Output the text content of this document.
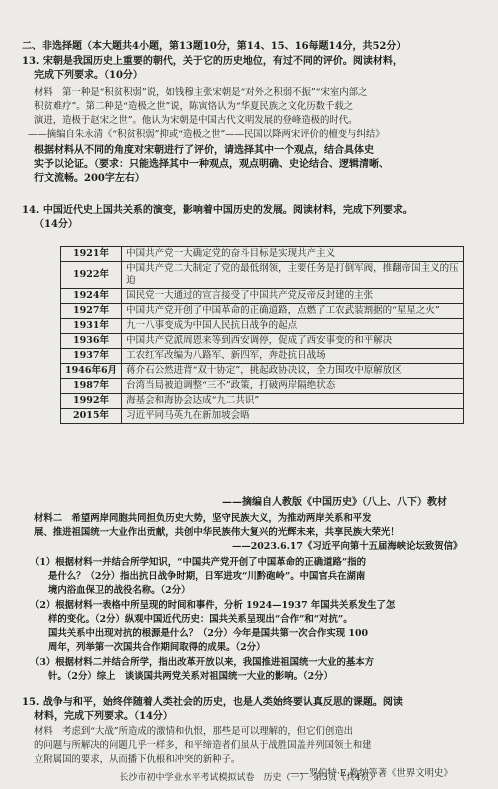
二、非选择题（本大题共4小题，第13题10分，第14、15、16每题14分，共52分）
13. 宋朝是我国历史上重要的朝代，关于它的历史地位，有过不同的评价。阅读材料，
完成下列要求。（10分）
材料　第一种是“积贫积弱”说，如钱穆主张宋朝是“对外之积弱不振”“宋室内部之
积贫难疗”。第二种是“造极之世”说，陈寅恪认为“华夏民族之文化历数千载之
演进，造极于赵宋之世”。他认为宋朝是中国古代文明发展的登峰造极的时代。
——摘编自朱永清《“积贫积弱”抑或“造极之世”——民国以降两宋评价的檀变与纠结》
根据材料从不同的角度对宋朝进行了评价，请选择其中一个观点，结合具体史
实予以论证。（要求：只能选择其中一种观点，观点明确、史论结合、逻辑清晰、
行文流畅。200字左右）
14. 中国近代史上国共关系的演变，影响着中国历史的发展。阅读材料，完成下列要求。
（14分）
1921年	中国共产党一大确定党的奋斗目标是实现共产主义
1922年	中国共产党二大制定了党的最低纲领，主要任务是打倒军阀，推翻帝国主义的压迫
1924年	国民党一大通过的宣言接受了中国共产党反帝反封建的主张
1927年	中国共产党开创了中国革命的正确道路，点燃了工农武装割据的“星星之火”
1931年	九一八事变成为中国人民抗日战争的起点
1936年	中国共产党派周恩来等到西安调停，促成了西安事变的和平解决
1937年	工农红军改编为八路军、新四军，奔赴抗日战场
1946年6月	蒋介石公然进背“双十协定”，挑起政协决议，全力围攻中原解放区
1987年	台湾当局被迫调整“三不”政策，打破两岸隔绝状态
1992年	海基会和海协会达成“九二共识”
2015年	习近平同马英九在新加坡会晤
——摘编自人教版《中国历史》（八上、八下）教材
材料二　希望两岸同胞共同担负历史大势，坚守民族大义，为推动两岸关系和平发
展、推进祖国统一大业作出贡献，共创中华民族伟大复兴的光辉未来，共享民族大荣光！
——2023.6.17《习近平向第十五届海峡论坛致贺信》
（1）根据材料一并结合所学知识，“中国共产党开创了中国革命的正确道路”指的
是什么？（2分）指出抗日战争时期，日军进攻“川黔砲岭”。中国官兵在湖南
境内浴血保卫的战役名称。（2分）
（2）根据材料一表格中所呈现的时间和事件，分析 1924—1937 年国共关系发生了怎
样的变化。（2分）纵观中国近代历史：国共关系呈现出“合作”和“对抗”。
国共关系中出现对抗的根源是什么？（2分）今年是国共第一次合作实现 100
周年，列举第一次国共合作期间取得的成果。（2分）
（3）根据材料二并结合所学，指出改革开放以来，我国推进祖国统一大业的基本方
针。（2分）综上　谈谈国共两党关系对祖国统一大业的影响。（2分）
15. 战争与和平，始终伴随着人类社会的历史，也是人类始终要认真反思的课题。阅读
材料，完成下列要求。（14分）
材料　考虑到“大战”所造成的激情和仇恨，那些是可以理解的，但它们创造出
的问题与所解决的问题几乎一样多，和平缔造者们虽从于战胜国盖并列国领土和建
立附属国的要求，从而播下仇根和冲突的新种子。
——罗伯特·E.勒纳等著《世界文明史》
长沙市初中学业水平考试模拟试卷　历史（一）　第3页（共4页）
